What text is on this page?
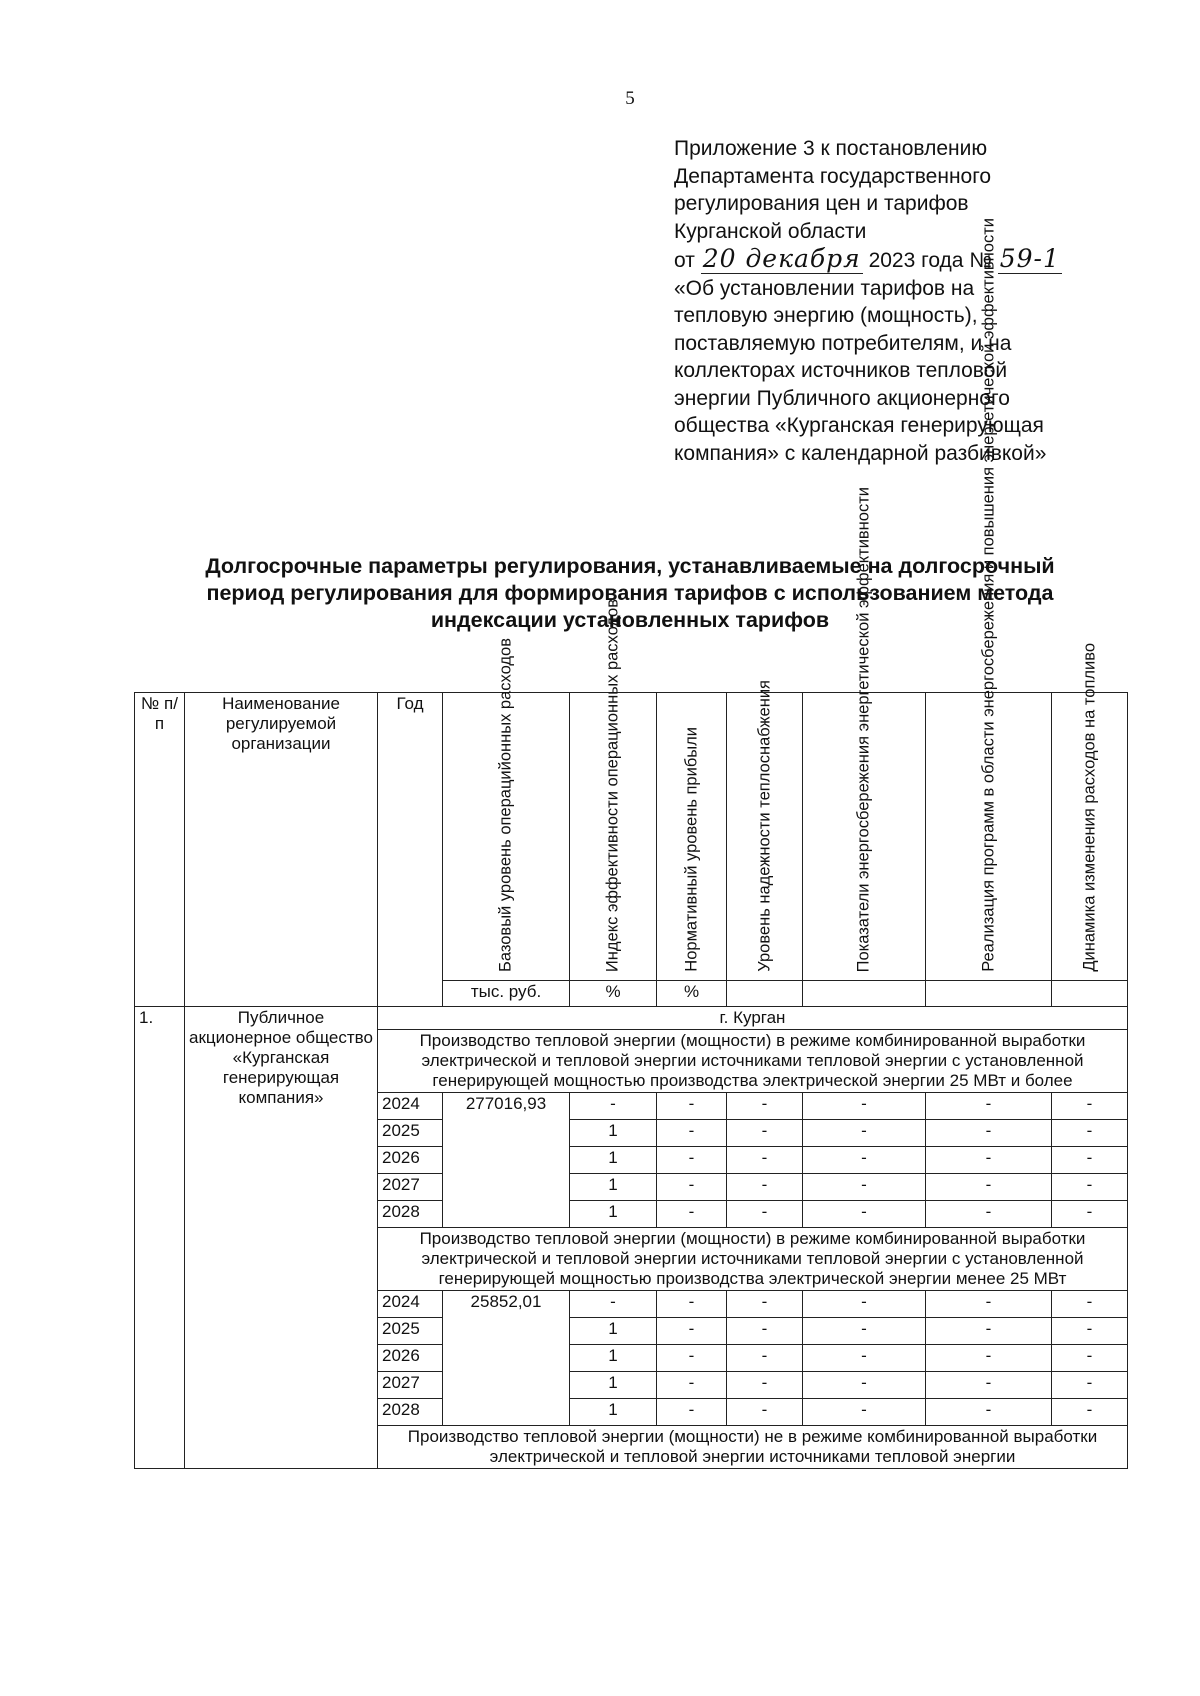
5
Приложение 3 к постановлению
Департамента государственного
регулирования цен и тарифов
Курганской области
от 20 декабря 2023 года № 59-1
«Об установлении тарифов на
тепловую энергию (мощность),
поставляемую потребителям, и на
коллекторах источников тепловой
энергии Публичного акционерного
общества «Курганская генерирующая
компания» с календарной разбивкой»
Долгосрочные параметры регулирования, устанавливаемые на долгосрочный
период регулирования для формирования тарифов с использованием метода
индексации установленных тарифов
№ п/п	Наименование регулируемой организации	Год	Базовый уровень операцийонных расходов	Индекс эффективности операционных расходов	Нормативный уровень прибыли	Уровень надежности теплоснабжения	Показатели энергосбережения энергетической эффективности	Реализация программ в области энергосбережения и повышения энергетической эффективности	Динамика изменения расходов на топливо

			тыс. руб.	%	%				
1.	Публичное акционерное общество «Курганская генерирующая компания»	г. Курган							
		Производство тепловой энергии (мощности) в режиме комбинированной выработки электрической и тепловой энергии источниками тепловой энергии с установленной генерирующей мощностью производства электрической энергии 25 МВт и более							
		2024	277016,93	-	-	-	-	-	-
		2025		1	-	-	-	-	-
		2026		1	-	-	-	-	-
		2027		1	-	-	-	-	-
		2028		1	-	-	-	-	-
		Производство тепловой энергии (мощности) в режиме комбинированной выработки электрической и тепловой энергии источниками тепловой энергии с установленной генерирующей мощностью производства электрической энергии менее 25 МВт							
		2024	25852,01	-	-	-	-	-	-
		2025		1	-	-	-	-	-
		2026		1	-	-	-	-	-
		2027		1	-	-	-	-	-
		2028		1	-	-	-	-	-
		Производство тепловой энергии (мощности) не в режиме комбинированной выработки электрической и тепловой энергии источниками тепловой энергии							
